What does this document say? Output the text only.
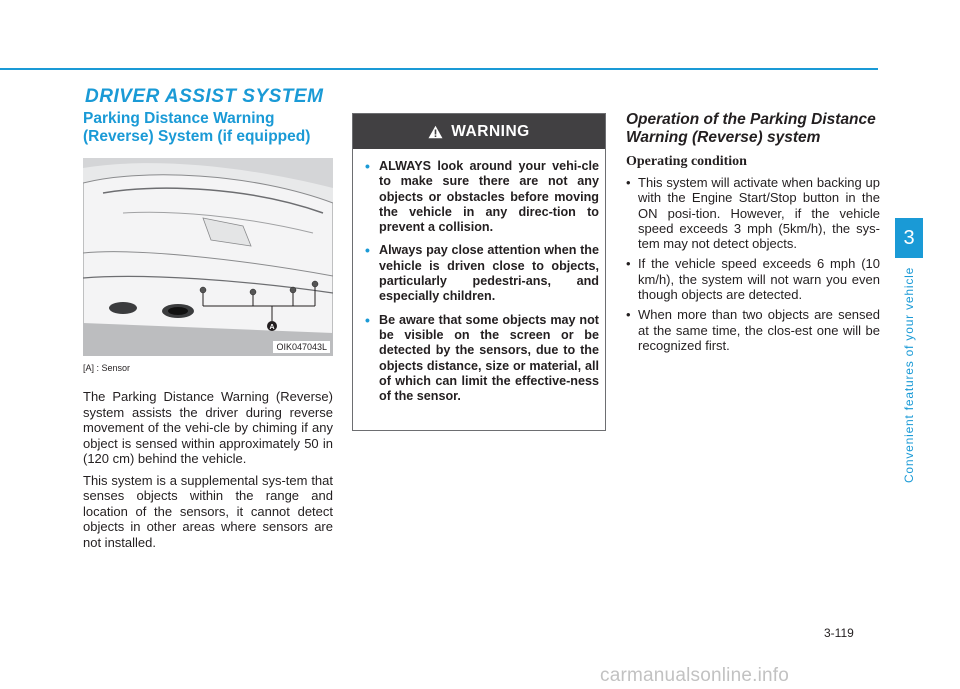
DRIVER ASSIST SYSTEM
Parking Distance Warning (Reverse) System (if equipped)
A
OIK047043L
[A] : Sensor

The Parking Distance Warning (Reverse) system assists the driver during reverse movement of the vehi-cle by chiming if any object is sensed within approximately 50 in (120 cm) behind the vehicle.

This system is a supplemental sys-tem that senses objects within the range and location of the sensors, it cannot detect objects in other areas where sensors are not installed.

WARNING
• ALWAYS look around your vehi-cle to make sure there are not any objects or obstacles before moving the vehicle in any direc-tion to prevent a collision.
• Always pay close attention when the vehicle is driven close to objects, particularly pedestri-ans, and especially children.
• Be aware that some objects may not be visible on the screen or be detected by the sensors, due to the objects distance, size or material, all of which can limit the effective-ness of the sensor.
Operation of the Parking Distance Warning (Reverse) system
Operating condition
• This system will activate when backing up with the Engine Start/Stop button in the ON posi-tion. However, if the vehicle speed exceeds 3 mph (5km/h), the sys-tem may not detect objects.
• If the vehicle speed exceeds 6 mph (10 km/h), the system will not warn you even though objects are detected.
• When more than two objects are sensed at the same time, the clos-est one will be recognized first.
3
Convenient features of your vehicle
3-119
carmanualsonline.info
